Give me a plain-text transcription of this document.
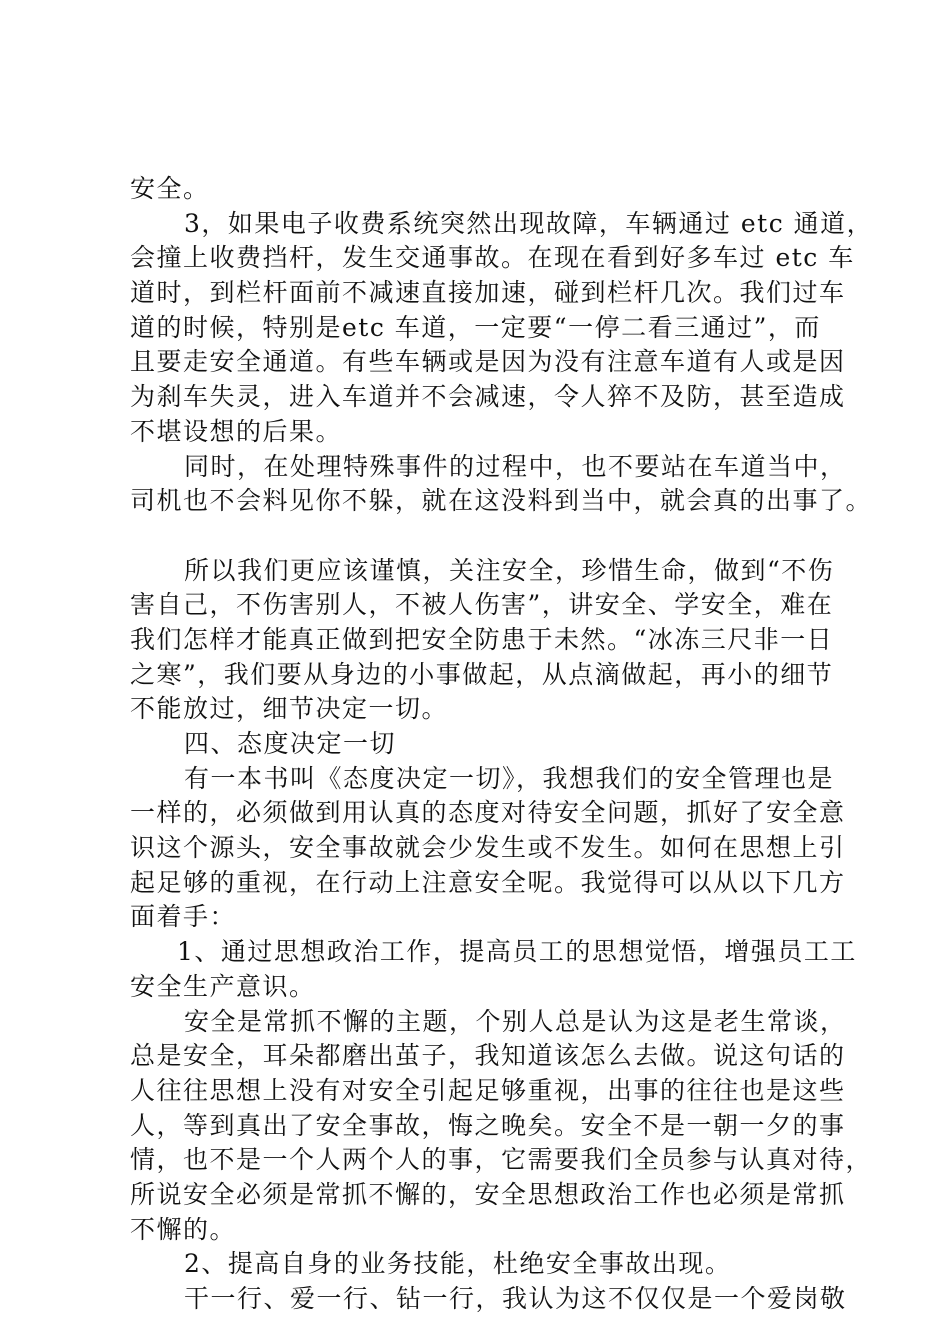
安全。
3，如果电子收费系统突然出现故障，车辆通过 etc 通道，
会撞上收费挡杆，发生交通事故。在现在看到好多车过 etc 车
道时，到栏杆面前不减速直接加速，碰到栏杆几次。我们过车
道的时候，特别是etc 车道，一定要“一停二看三通过”，而
且要走安全通道。有些车辆或是因为没有注意车道有人或是因
为刹车失灵，进入车道并不会减速，令人猝不及防，甚至造成
不堪设想的后果。
同时，在处理特殊事件的过程中，也不要站在车道当中，
司机也不会料见你不躲，就在这没料到当中，就会真的出事了。
所以我们更应该谨慎，关注安全，珍惜生命，做到“不伤
害自己，不伤害别人，不被人伤害”，讲安全、学安全，难在
我们怎样才能真正做到把安全防患于未然。“冰冻三尺非一日
之寒”，我们要从身边的小事做起，从点滴做起，再小的细节
不能放过，细节决定一切。
四、态度决定一切
有一本书叫《态度决定一切》，我想我们的安全管理也是
一样的，必须做到用认真的态度对待安全问题，抓好了安全意
识这个源头，安全事故就会少发生或不发生。如何在思想上引
起足够的重视，在行动上注意安全呢。我觉得可以从以下几方
面着手：
1、通过思想政治工作，提高员工的思想觉悟，增强员工工
安全生产意识。
安全是常抓不懈的主题，个别人总是认为这是老生常谈，
总是安全，耳朵都磨出茧子，我知道该怎么去做。说这句话的
人往往思想上没有对安全引起足够重视，出事的往往也是这些
人，等到真出了安全事故，悔之晚矣。安全不是一朝一夕的事
情，也不是一个人两个人的事，它需要我们全员参与认真对待，
所说安全必须是常抓不懈的，安全思想政治工作也必须是常抓
不懈的。
2、提高自身的业务技能，杜绝安全事故出现。
干一行、爱一行、钻一行，我认为这不仅仅是一个爱岗敬
